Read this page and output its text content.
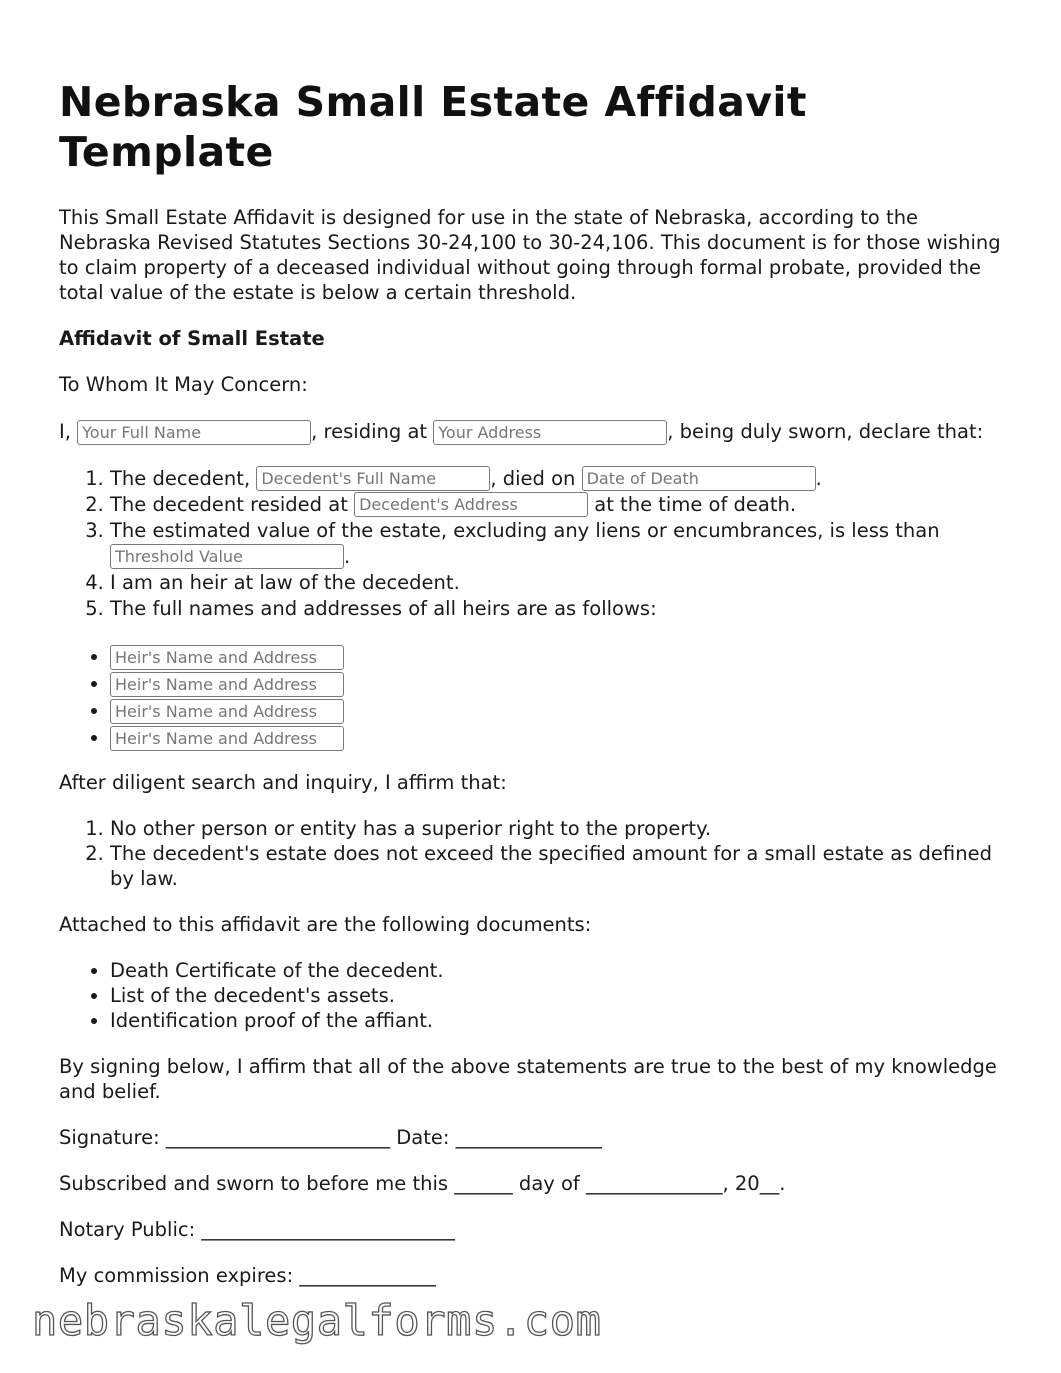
Nebraska Small Estate Affidavit Template

This Small Estate Affidavit is designed for use in the state of Nebraska, according to the Nebraska Revised Statutes Sections 30-24,100 to 30-24,106. This document is for those wishing to claim property of a deceased individual without going through formal probate, provided the total value of the estate is below a certain threshold.

Affidavit of Small Estate

To Whom It May Concern:

I, Your Full Name	, residing at Your Address	, being duly sworn, declare that:

1. The decedent, Decedent's Full Name	, died on Date of Death	.
2. The decedent resided at Decedent's Address	at the time of death.
3. The estimated value of the estate, excluding any liens or encumbrances, is less than Threshold Value.
4. I am an heir at law of the decedent.
5. The full names and addresses of all heirs are as follows:
• Heir's Name and Address
• Heir's Name and Address
• Heir's Name and Address
• Heir's Name and Address

After diligent search and inquiry, I affirm that:

1. No other person or entity has a superior right to the property.
2. The decedent's estate does not exceed the specified amount for a small estate as defined by law.

Attached to this affidavit are the following documents:

• Death Certificate of the decedent.
• List of the decedent's assets.
• Identification proof of the affiant.

By signing below, I affirm that all of the above statements are true to the best of my knowledge and belief.

Signature: _______________________ Date: _______________

Subscribed and sworn to before me this ______ day of ______________, 20__.

Notary Public: __________________________

My commission expires: ______________

nebraskalegalforms.com
